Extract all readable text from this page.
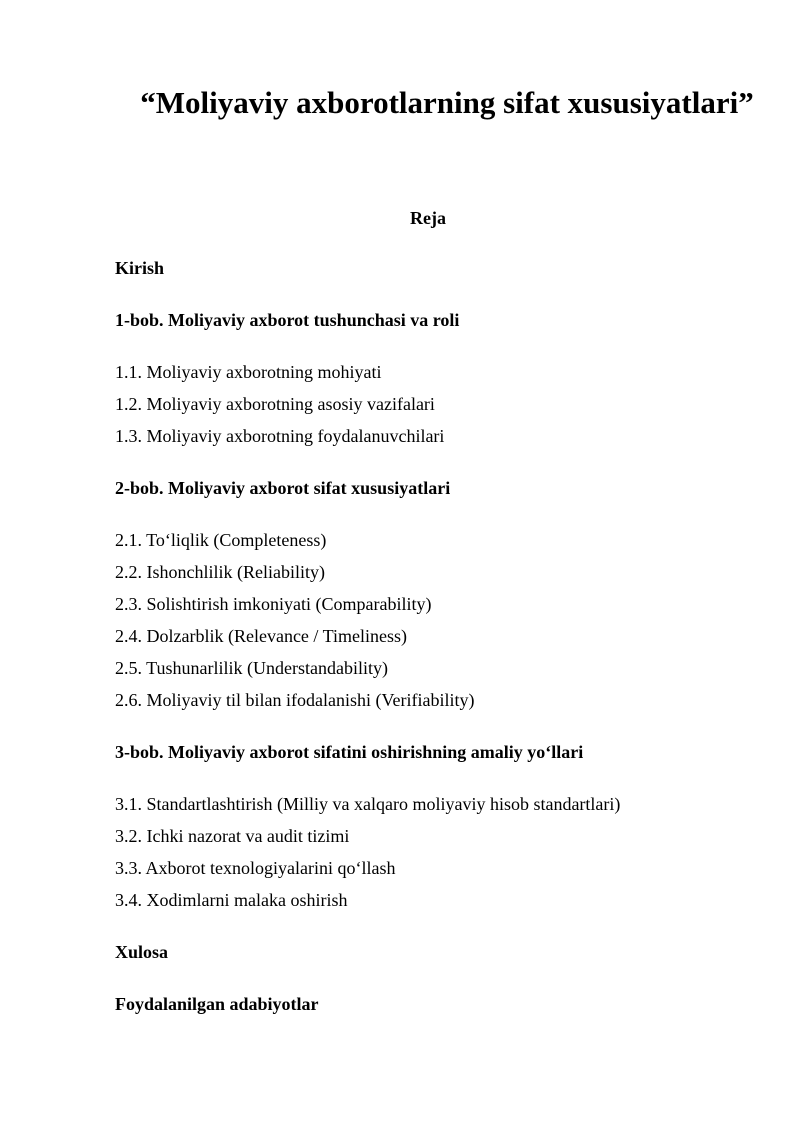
“Moliyaviy axborotlarning sifat xususiyatlari”
Reja
Kirish
1-bob. Moliyaviy axborot tushunchasi va roli
1.1. Moliyaviy axborotning mohiyati
1.2. Moliyaviy axborotning asosiy vazifalari
1.3. Moliyaviy axborotning foydalanuvchilari
2-bob. Moliyaviy axborot sifat xususiyatlari
2.1. To‘liqlik (Completeness)
2.2. Ishonchlilik (Reliability)
2.3. Solishtirish imkoniyati (Comparability)
2.4. Dolzarblik (Relevance / Timeliness)
2.5. Tushunarlilik (Understandability)
2.6. Moliyaviy til bilan ifodalanishi (Verifiability)
3-bob. Moliyaviy axborot sifatini oshirishning amaliy yo‘llari
3.1. Standartlashtirish (Milliy va xalqaro moliyaviy hisob standartlari)
3.2. Ichki nazorat va audit tizimi
3.3. Axborot texnologiyalarini qo‘llash
3.4. Xodimlarni malaka oshirish
Xulosa
Foydalanilgan adabiyotlar
